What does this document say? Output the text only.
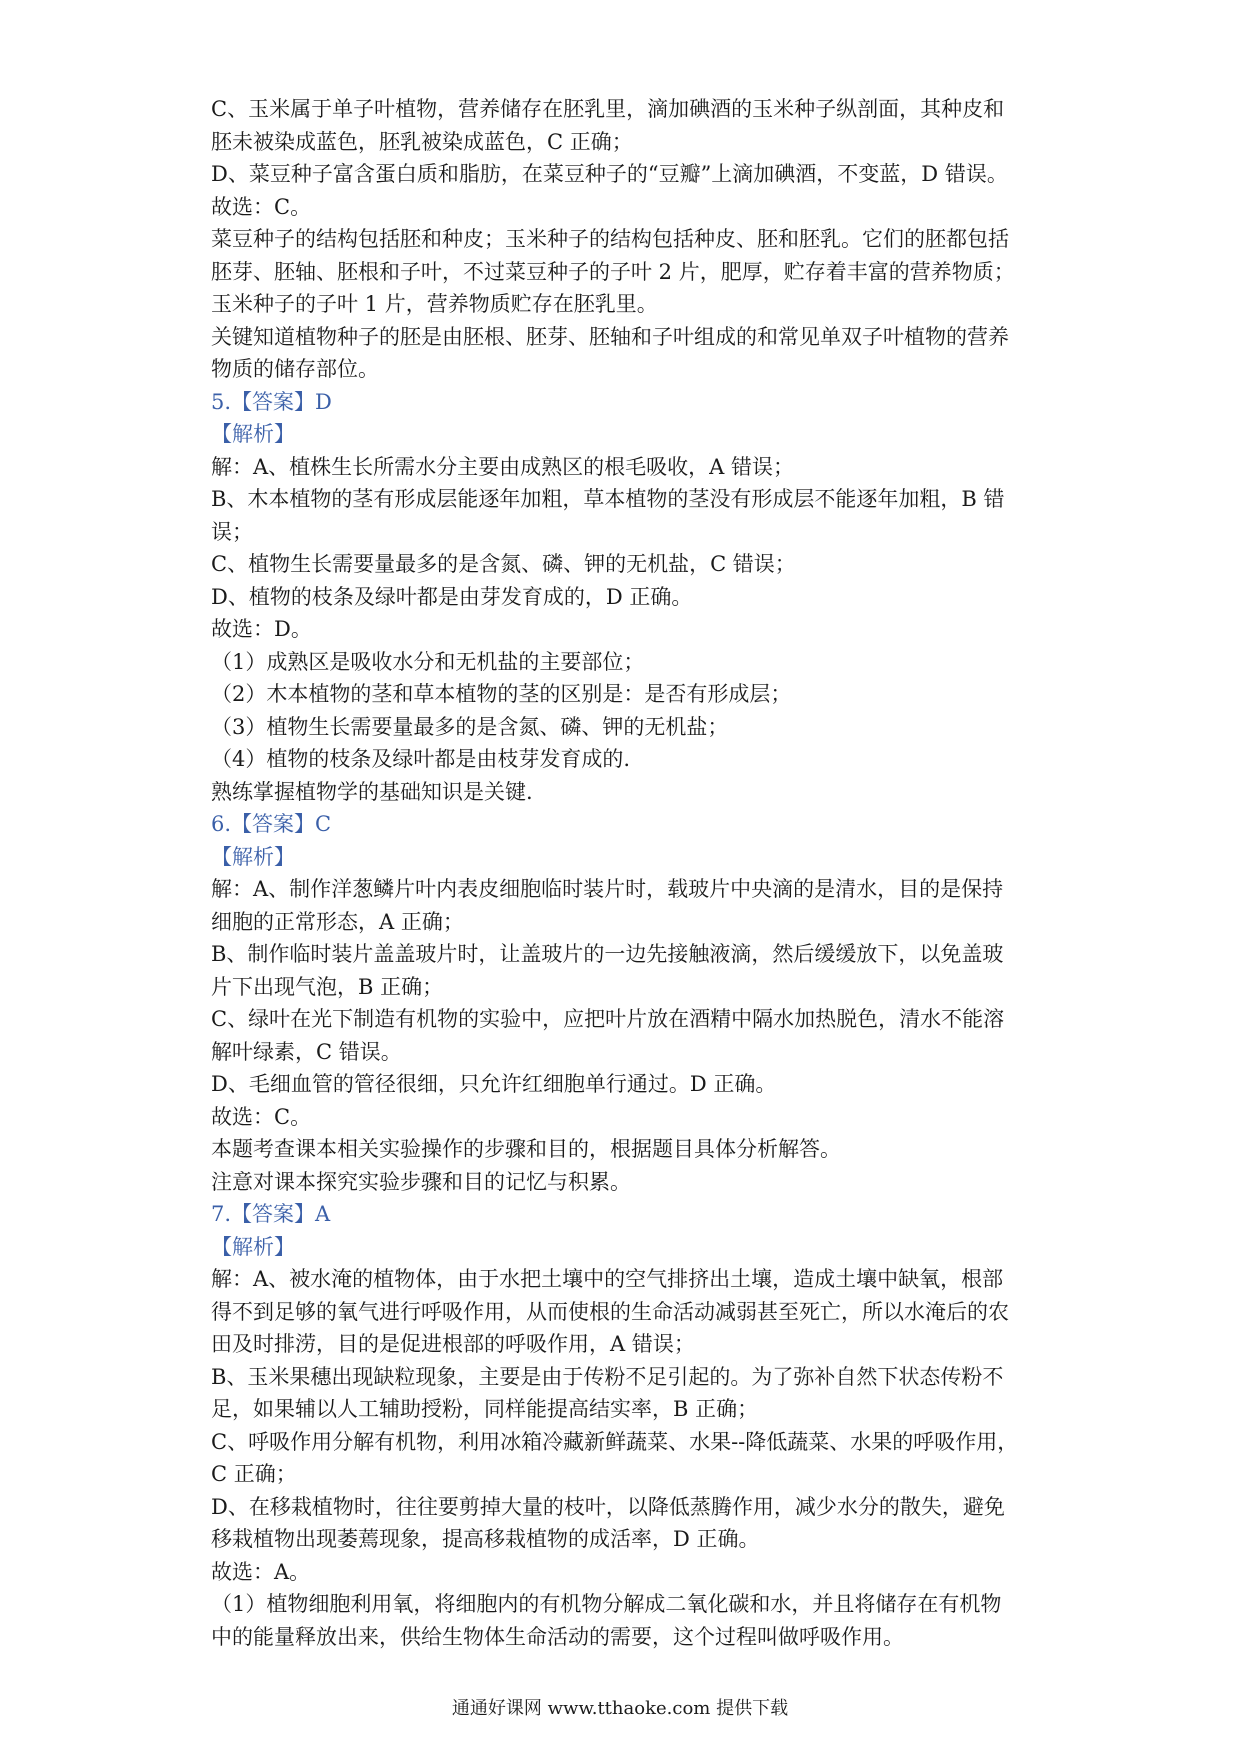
C、玉米属于单子叶植物，营养储存在胚乳里，滴加碘酒的玉米种子纵剖面，其种皮和
胚未被染成蓝色，胚乳被染成蓝色，C 正确；
D、菜豆种子富含蛋白质和脂肪，在菜豆种子的“豆瓣”上滴加碘酒，不变蓝，D 错误。
故选：C。
菜豆种子的结构包括胚和种皮；玉米种子的结构包括种皮、胚和胚乳。它们的胚都包括
胚芽、胚轴、胚根和子叶，不过菜豆种子的子叶 2 片，肥厚，贮存着丰富的营养物质；
玉米种子的子叶 1 片，营养物质贮存在胚乳里。
关键知道植物种子的胚是由胚根、胚芽、胚轴和子叶组成的和常见单双子叶植物的营养
物质的储存部位。
5.【答案】D
【解析】
解：A、植株生长所需水分主要由成熟区的根毛吸收，A 错误；
B、木本植物的茎有形成层能逐年加粗，草本植物的茎没有形成层不能逐年加粗，B 错
误；
C、植物生长需要量最多的是含氮、磷、钾的无机盐，C 错误；
D、植物的枝条及绿叶都是由芽发育成的，D 正确。
故选：D。
（1）成熟区是吸收水分和无机盐的主要部位；
（2）木本植物的茎和草本植物的茎的区别是：是否有形成层；
（3）植物生长需要量最多的是含氮、磷、钾的无机盐；
（4）植物的枝条及绿叶都是由枝芽发育成的.
熟练掌握植物学的基础知识是关键.
6.【答案】C
【解析】
解：A、制作洋葱鳞片叶内表皮细胞临时装片时，载玻片中央滴的是清水，目的是保持
细胞的正常形态，A 正确；
B、制作临时装片盖盖玻片时，让盖玻片的一边先接触液滴，然后缓缓放下，以免盖玻
片下出现气泡，B 正确；
C、绿叶在光下制造有机物的实验中，应把叶片放在酒精中隔水加热脱色，清水不能溶
解叶绿素，C 错误。
D、毛细血管的管径很细，只允许红细胞单行通过。D 正确。
故选：C。
本题考查课本相关实验操作的步骤和目的，根据题目具体分析解答。
注意对课本探究实验步骤和目的记忆与积累。
7.【答案】A
【解析】
解：A、被水淹的植物体，由于水把土壤中的空气排挤出土壤，造成土壤中缺氧，根部
得不到足够的氧气进行呼吸作用，从而使根的生命活动减弱甚至死亡，所以水淹后的农
田及时排涝，目的是促进根部的呼吸作用，A 错误；
B、玉米果穗出现缺粒现象，主要是由于传粉不足引起的。为了弥补自然下状态传粉不
足，如果辅以人工辅助授粉，同样能提高结实率，B 正确；
C、呼吸作用分解有机物，利用冰箱冷藏新鲜蔬菜、水果--降低蔬菜、水果的呼吸作用，
C 正确；
D、在移栽植物时，往往要剪掉大量的枝叶，以降低蒸腾作用，减少水分的散失，避免
移栽植物出现萎蔫现象，提高移栽植物的成活率，D 正确。
故选：A。
（1）植物细胞利用氧，将细胞内的有机物分解成二氧化碳和水，并且将储存在有机物
中的能量释放出来，供给生物体生命活动的需要，这个过程叫做呼吸作用。
通通好课网 www.tthaoke.com 提供下载
